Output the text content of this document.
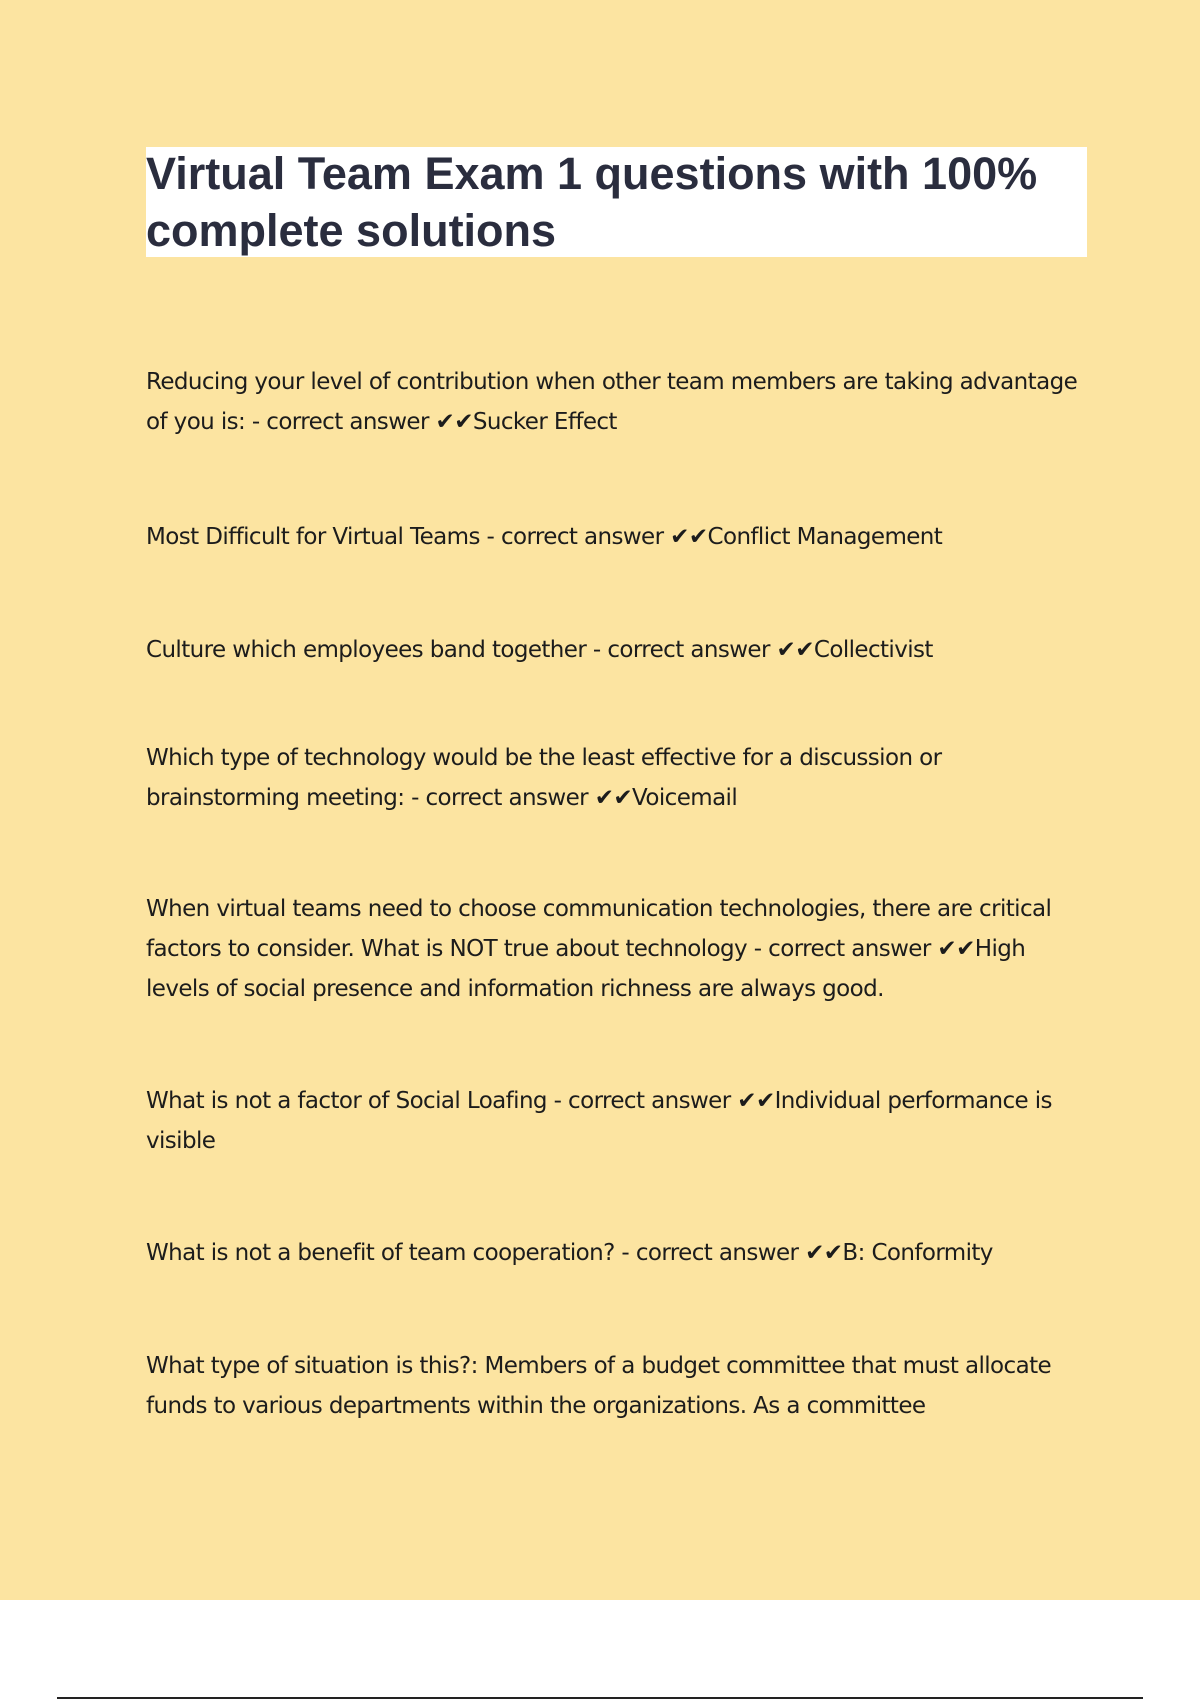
Virtual Team Exam 1 questions with 100% complete solutions

Reducing your level of contribution when other team members are taking advantage of you is: - correct answer ✔✔Sucker Effect

Most Difficult for Virtual Teams - correct answer ✔✔Conflict Management

Culture which employees band together - correct answer ✔✔Collectivist

Which type of technology would be the least effective for a discussion or brainstorming meeting: - correct answer ✔✔Voicemail

When virtual teams need to choose communication technologies, there are critical factors to consider. What is NOT true about technology - correct answer ✔✔High levels of social presence and information richness are always good.

What is not a factor of Social Loafing - correct answer ✔✔Individual performance is visible

What is not a benefit of team cooperation? - correct answer ✔✔B: Conformity

What type of situation is this?: Members of a budget committee that must allocate funds to various departments within the organizations. As a committee
